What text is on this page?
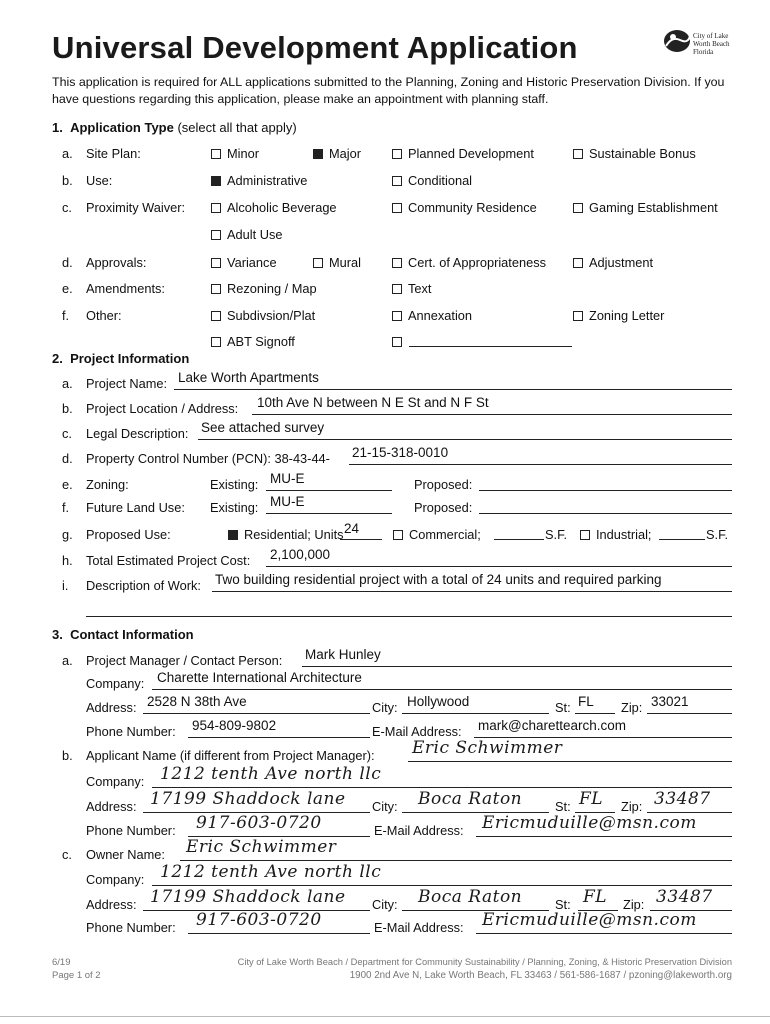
Universal Development Application	City of Lake Worth Beach Florida
This application is required for ALL applications submitted to the Planning, Zoning and Historic Preservation Division. If you have questions regarding this application, please make an appointment with planning staff.
1. Application Type (select all that apply)
a. Site Plan:	Minor	Major	Planned Development	Sustainable Bonus
b. Use:	Administrative	Conditional
c. Proximity Waiver:	Alcoholic Beverage	Community Residence	Gaming Establishment
Adult Use
d. Approvals:	Variance	Mural	Cert. of Appropriateness	Adjustment
e. Amendments:	Rezoning / Map	Text
f. Other:	Subdivsion/Plat	Annexation	Zoning Letter
ABT Signoff
2. Project Information
a. Project Name: Lake Worth Apartments
b. Project Location / Address: 10th Ave N between N E St and N F St
c. Legal Description: See attached survey
d. Property Control Number (PCN): 38-43-44- 21-15-318-0010
e. Zoning:	Existing: MU-E	Proposed:
f. Future Land Use: Existing: MU-E	Proposed:
g. Proposed Use:	Residential; Units 24	Commercial;	S.F.	Industrial;	S.F.
h. Total Estimated Project Cost: 2,100,000
i. Description of Work: Two building residential project with a total of 24 units and required parking
3. Contact Information
a. Project Manager / Contact Person: Mark Hunley
Company: Charette International Architecture
Address: 2528 N 38th Ave	City: Hollywood	St: FL Zip: 33021
Phone Number: 954-809-9802	E-Mail Address: mark@charettearch.com
b. Applicant Name (if different from Project Manager): Eric Schwimmer
Company: 1212 tenth Ave north llc
Address: 17199 Shaddock lane City: Boca Raton	St: FL Zip: 33487
Phone Number: 917-603-0720	E-Mail Address: Ericmuduille@msn.com
c. Owner Name: Eric Schwimmer
Company: 1212 tenth Ave north llc
Address: 17199 Shaddock lane City: Boca Raton	St: FL Zip: 33487
Phone Number: 917-603-0720	E-Mail Address: Ericmuduille@msn.com
6/19
Page 1 of 2
City of Lake Worth Beach / Department for Community Sustainability / Planning, Zoning, & Historic Preservation Division
1900 2nd Ave N, Lake Worth Beach, FL 33463 / 561-586-1687 / pzoning@lakeworth.org
